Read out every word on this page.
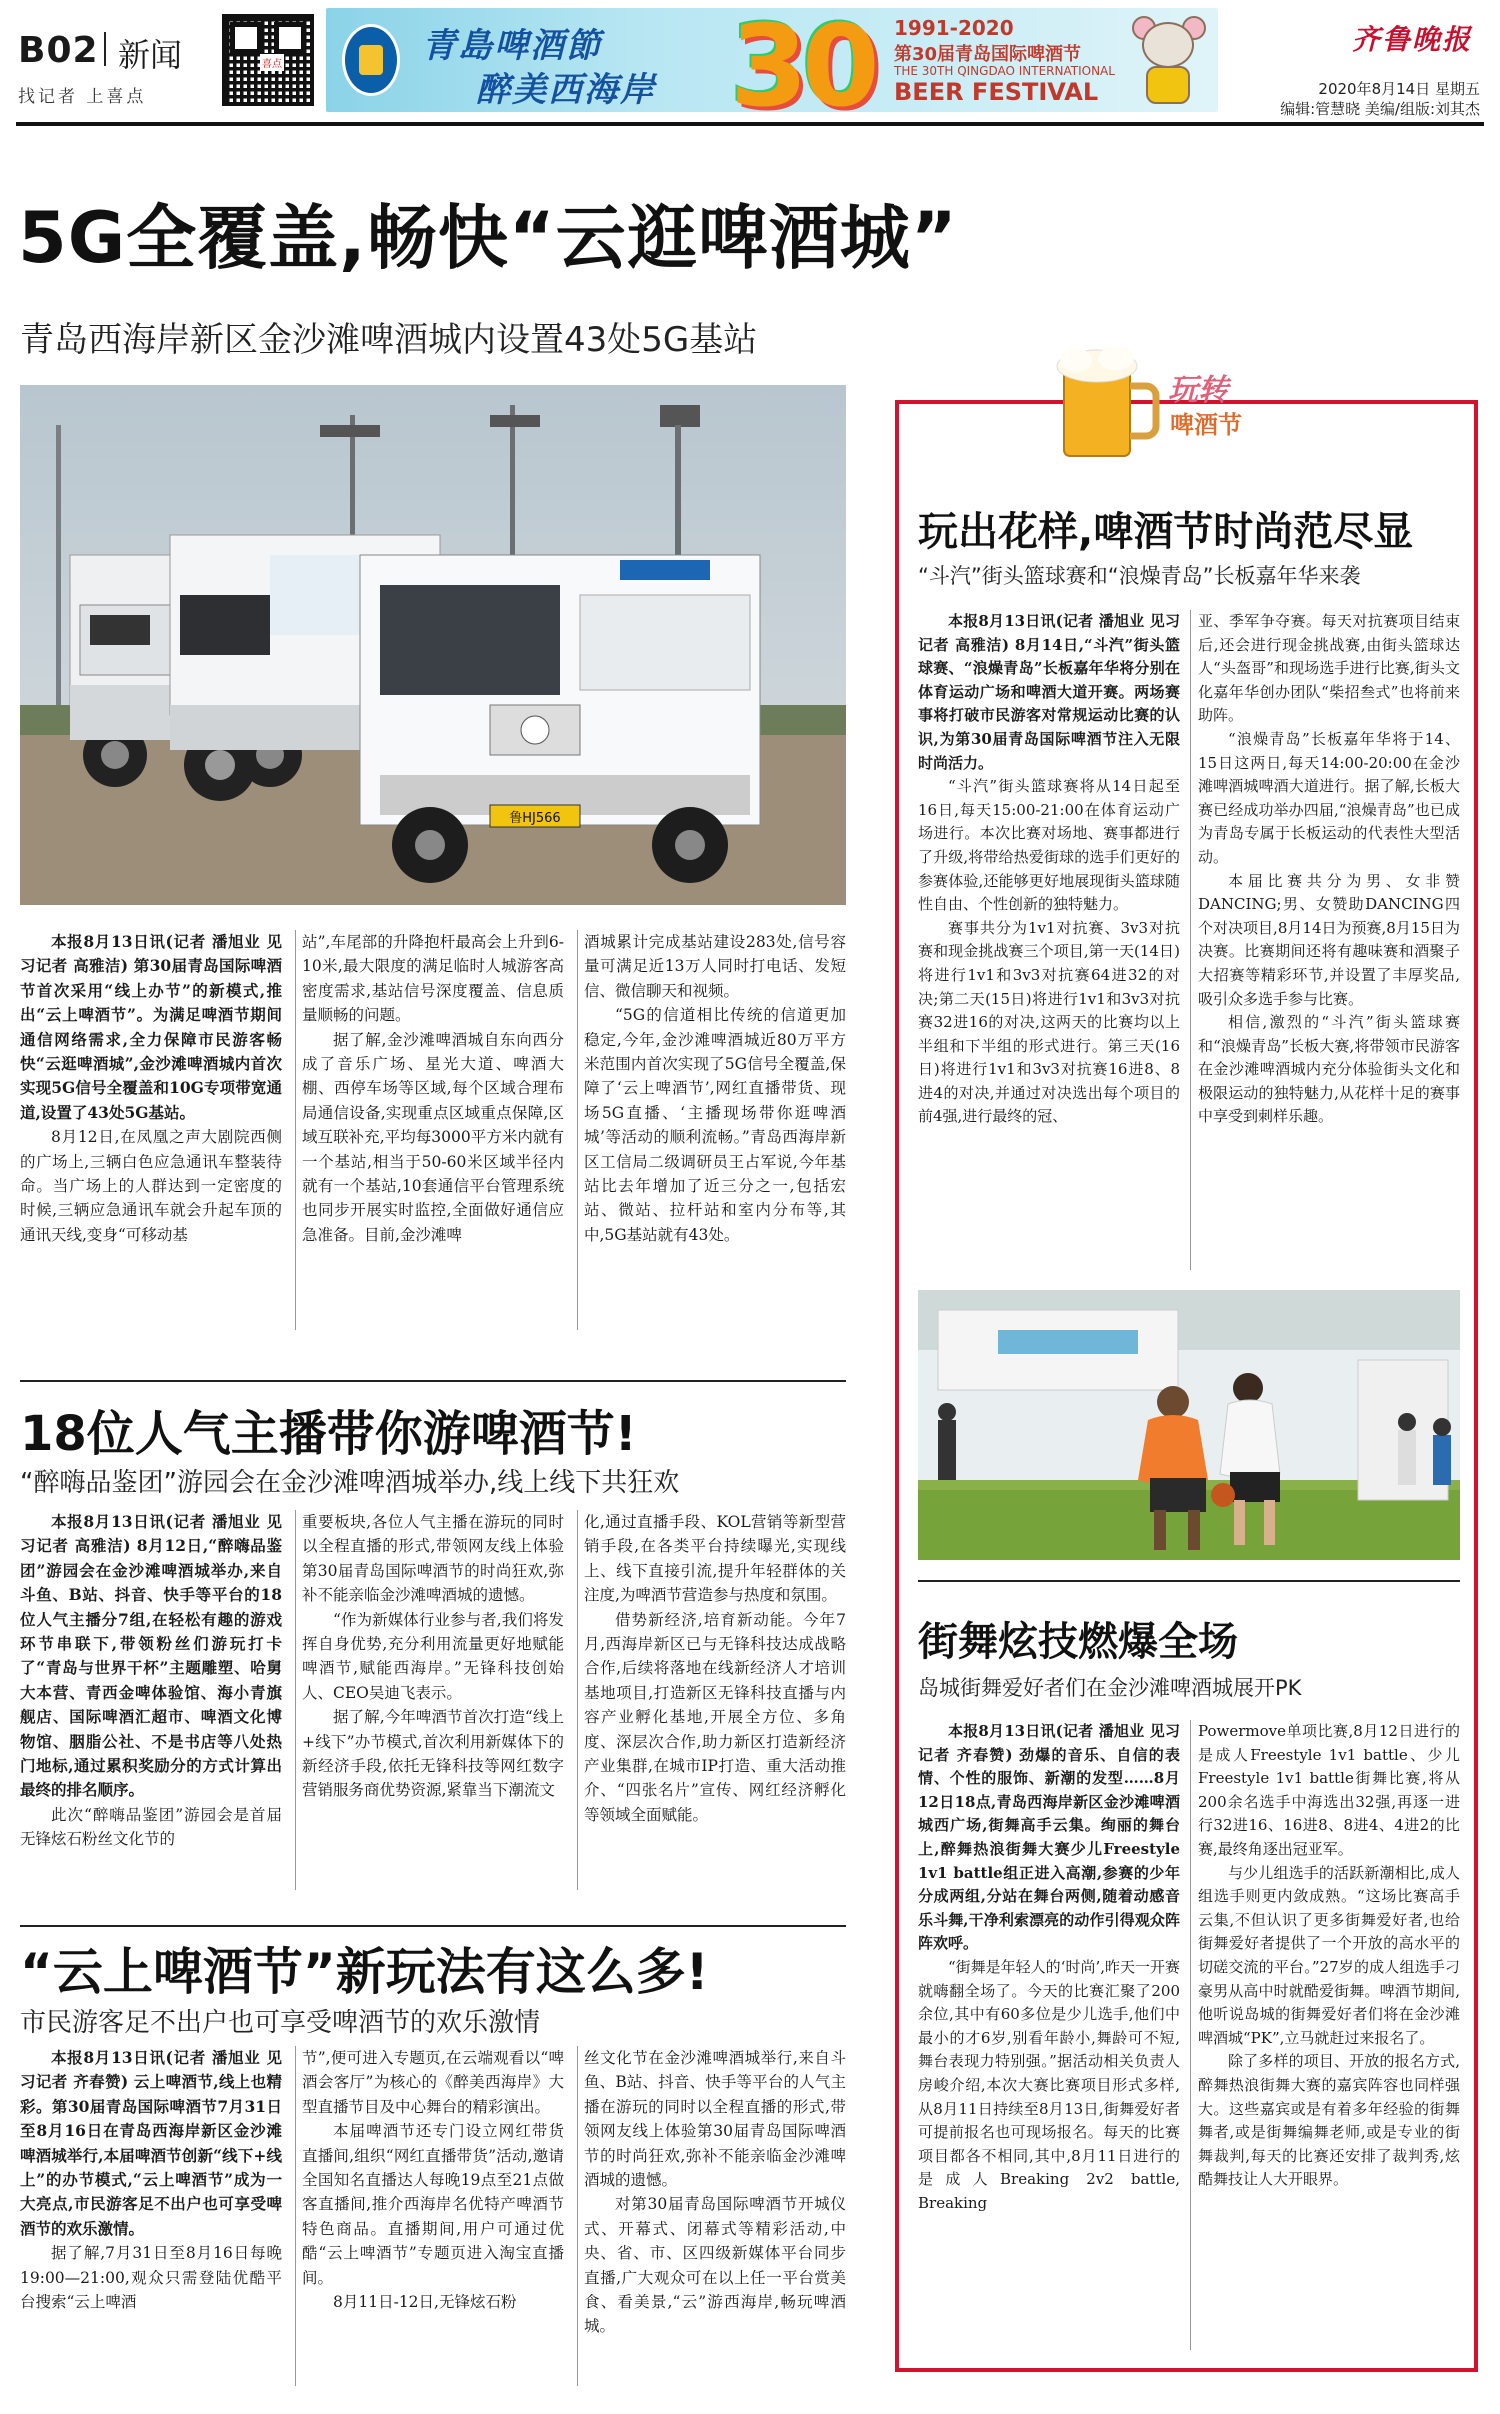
B02 新闻
找记者 上喜点
喜点	青島啤酒節
醉美西海岸 30 1991-2020
第30届青岛国际啤酒节
THE 30TH QINGDAO INTERNATIONAL
BEER FESTIVAL
齐鲁晚报
2020年8月14日 星期五
编辑:管慧晓 美编/组版:刘其杰
5G全覆盖,畅快“云逛啤酒城”
青岛西海岸新区金沙滩啤酒城内设置43处5G基站
鲁HJ566

本报8月13日讯(记者 潘旭业 见习记者 高雅洁) 第30届青岛国际啤酒节首次采用“线上办节”的新模式,推出“云上啤酒节”。为满足啤酒节期间通信网络需求,全力保障市民游客畅快“云逛啤酒城”,金沙滩啤酒城内首次实现5G信号全覆盖和10G专项带宽通道,设置了43处5G基站。

8月12日,在凤凰之声大剧院西侧的广场上,三辆白色应急通讯车整装待命。当广场上的人群达到一定密度的时候,三辆应急通讯车就会升起车顶的通讯天线,变身“可移动基

站”,车尾部的升降抱杆最高会上升到6-10米,最大限度的满足临时人城游客高密度需求,基站信号深度覆盖、信息质量顺畅的问题。

据了解,金沙滩啤酒城自东向西分成了音乐广场、星光大道、啤酒大棚、西停车场等区域,每个区域合理布局通信设备,实现重点区域重点保障,区域互联补充,平均每3000平方米内就有一个基站,相当于50-60米区域半径内就有一个基站,10套通信平台管理系统也同步开展实时监控,全面做好通信应急准备。目前,金沙滩啤

酒城累计完成基站建设283处,信号容量可满足近13万人同时打电话、发短信、微信聊天和视频。

“5G的信道相比传统的信道更加稳定,今年,金沙滩啤酒城近80万平方米范围内首次实现了5G信号全覆盖,保障了‘云上啤酒节’,网红直播带货、现场5G直播、‘主播现场带你逛啤酒城’等活动的顺利流畅。”青岛西海岸新区工信局二级调研员王占军说,今年基站比去年增加了近三分之一,包括宏站、微站、拉杆站和室内分布等,其中,5G基站就有43处。

18位人气主播带你游啤酒节!
“醉嗨品鉴团”游园会在金沙滩啤酒城举办,线上线下共狂欢

本报8月13日讯(记者 潘旭业 见习记者 高雅洁) 8月12日,“醉嗨品鉴团”游园会在金沙滩啤酒城举办,来自斗鱼、B站、抖音、快手等平台的18位人气主播分7组,在轻松有趣的游戏环节串联下,带领粉丝们游玩打卡了“青岛与世界干杯”主题雕塑、哈舅大本营、青西金啤体验馆、海小青旗舰店、国际啤酒汇超市、啤酒文化博物馆、胭脂公社、不是书店等八处热门地标,通过累积奖励分的方式计算出最终的排名顺序。

此次“醉嗨品鉴团”游园会是首届无锋炫石粉丝文化节的

重要板块,各位人气主播在游玩的同时以全程直播的形式,带领网友线上体验第30届青岛国际啤酒节的时尚狂欢,弥补不能亲临金沙滩啤酒城的遗憾。

“作为新媒体行业参与者,我们将发挥自身优势,充分利用流量更好地赋能啤酒节,赋能西海岸。”无锋科技创始人、CEO吴迪飞表示。

据了解,今年啤酒节首次打造“线上+线下”办节模式,首次利用新媒体下的新经济手段,依托无锋科技等网红数字营销服务商优势资源,紧靠当下潮流文

化,通过直播手段、KOL营销等新型营销手段,在各类平台持续曝光,实现线上、线下直接引流,提升年轻群体的关注度,为啤酒节营造参与热度和氛围。

借势新经济,培育新动能。今年7月,西海岸新区已与无锋科技达成战略合作,后续将落地在线新经济人才培训基地项目,打造新区无锋科技直播与内容产业孵化基地,开展全方位、多角度、深层次合作,助力新区打造新经济产业集群,在城市IP打造、重大活动推介、“四张名片”宣传、网红经济孵化等领域全面赋能。

“云上啤酒节”新玩法有这么多!
市民游客足不出户也可享受啤酒节的欢乐激情

本报8月13日讯(记者 潘旭业 见习记者 齐春赞) 云上啤酒节,线上也精彩。第30届青岛国际啤酒节7月31日至8月16日在青岛西海岸新区金沙滩啤酒城举行,本届啤酒节创新“线下+线上”的办节模式,“云上啤酒节”成为一大亮点,市民游客足不出户也可享受啤酒节的欢乐激情。

据了解,7月31日至8月16日每晚19:00—21:00,观众只需登陆优酷平台搜索“云上啤酒

节”,便可进入专题页,在云端观看以“啤酒会客厅”为核心的《醉美西海岸》大型直播节目及中心舞台的精彩演出。

本届啤酒节还专门设立网红带货直播间,组织“网红直播带货”活动,邀请全国知名直播达人每晚19点至21点做客直播间,推介西海岸名优特产啤酒节特色商品。直播期间,用户可通过优酷“云上啤酒节”专题页进入淘宝直播间。

8月11日-12日,无锋炫石粉

丝文化节在金沙滩啤酒城举行,来自斗鱼、B站、抖音、快手等平台的人气主播在游玩的同时以全程直播的形式,带领网友线上体验第30届青岛国际啤酒节的时尚狂欢,弥补不能亲临金沙滩啤酒城的遗憾。

对第30届青岛国际啤酒节开城仪式、开幕式、闭幕式等精彩活动,中央、省、市、区四级新媒体平台同步直播,广大观众可在以上任一平台赏美食、看美景,“云”游西海岸,畅玩啤酒城。

玩转
啤酒节
玩出花样,啤酒节时尚范尽显
“斗汽”街头篮球赛和“浪燥青岛”长板嘉年华来袭

本报8月13日讯(记者 潘旭业 见习记者 高雅洁) 8月14日,“斗汽”街头篮球赛、“浪燥青岛”长板嘉年华将分别在体育运动广场和啤酒大道开赛。两场赛事将打破市民游客对常规运动比赛的认识,为第30届青岛国际啤酒节注入无限时尚活力。

“斗汽”街头篮球赛将从14日起至16日,每天15:00-21:00在体育运动广场进行。本次比赛对场地、赛事都进行了升级,将带给热爱街球的选手们更好的参赛体验,还能够更好地展现街头篮球随性自由、个性创新的独特魅力。

赛事共分为1v1对抗赛、3v3对抗赛和现金挑战赛三个项目,第一天(14日)将进行1v1和3v3对抗赛64进32的对决;第二天(15日)将进行1v1和3v3对抗赛32进16的对决,这两天的比赛均以上半组和下半组的形式进行。第三天(16日)将进行1v1和3v3对抗赛16进8、8进4的对决,并通过对决选出每个项目的前4强,进行最终的冠、

亚、季军争夺赛。每天对抗赛项目结束后,还会进行现金挑战赛,由街头篮球达人“头盔哥”和现场选手进行比赛,街头文化嘉年华创办团队“柴招叁式”也将前来助阵。

“浪燥青岛”长板嘉年华将于14、15日这两日,每天14:00-20:00在金沙滩啤酒城啤酒大道进行。据了解,长板大赛已经成功举办四届,“浪燥青岛”也已成为青岛专属于长板运动的代表性大型活动。

本届比赛共分为男、女非赞DANCING;男、女赞助DANCING四个对决项目,8月14日为预赛,8月15日为决赛。比赛期间还将有趣味赛和酒聚子大招赛等精彩环节,并设置了丰厚奖品,吸引众多选手参与比赛。

相信,激烈的“斗汽”街头篮球赛和“浪燥青岛”长板大赛,将带领市民游客在金沙滩啤酒城内充分体验街头文化和极限运动的独特魅力,从花样十足的赛事中享受到刺样乐趣。

街舞炫技燃爆全场
岛城街舞爱好者们在金沙滩啤酒城展开PK

本报8月13日讯(记者 潘旭业 见习记者 齐春赞) 劲爆的音乐、自信的表情、个性的服饰、新潮的发型……8月12日18点,青岛西海岸新区金沙滩啤酒城西广场,街舞高手云集。绚丽的舞台上,醉舞热浪街舞大赛少儿Freestyle 1v1 battle组正进入高潮,参赛的少年分成两组,分站在舞台两侧,随着动感音乐斗舞,干净利索漂亮的动作引得观众阵阵欢呼。

“街舞是年轻人的‘时尚’,昨天一开赛就嗨翻全场了。今天的比赛汇聚了200余位,其中有60多位是少儿选手,他们中最小的才6岁,别看年龄小,舞龄可不短,舞台表现力特别强。”据活动相关负责人房峻介绍,本次大赛比赛项目形式多样,从8月11日持续至8月13日,街舞爱好者可提前报名也可现场报名。每天的比赛项目都各不相同,其中,8月11日进行的是成人Breaking 2v2 battle, Breaking

Powermove单项比赛,8月12日进行的是成人Freestyle 1v1 battle、少儿Freestyle 1v1 battle街舞比赛,将从200余名选手中海选出32强,再逐一进行32进16、16进8、8进4、4进2的比赛,最终角逐出冠亚军。

与少儿组选手的活跃新潮相比,成人组选手则更内敛成熟。“这场比赛高手云集,不但认识了更多街舞爱好者,也给街舞爱好者提供了一个开放的高水平的切磋交流的平台。”27岁的成人组选手刁豪男从高中时就酷爱街舞。啤酒节期间,他听说岛城的街舞爱好者们将在金沙滩啤酒城“PK”,立马就赶过来报名了。

除了多样的项目、开放的报名方式,醉舞热浪街舞大赛的嘉宾阵容也同样强大。这些嘉宾或是有着多年经验的街舞舞者,或是街舞编舞老师,或是专业的街舞裁判,每天的比赛还安排了裁判秀,炫酷舞技让人大开眼界。
